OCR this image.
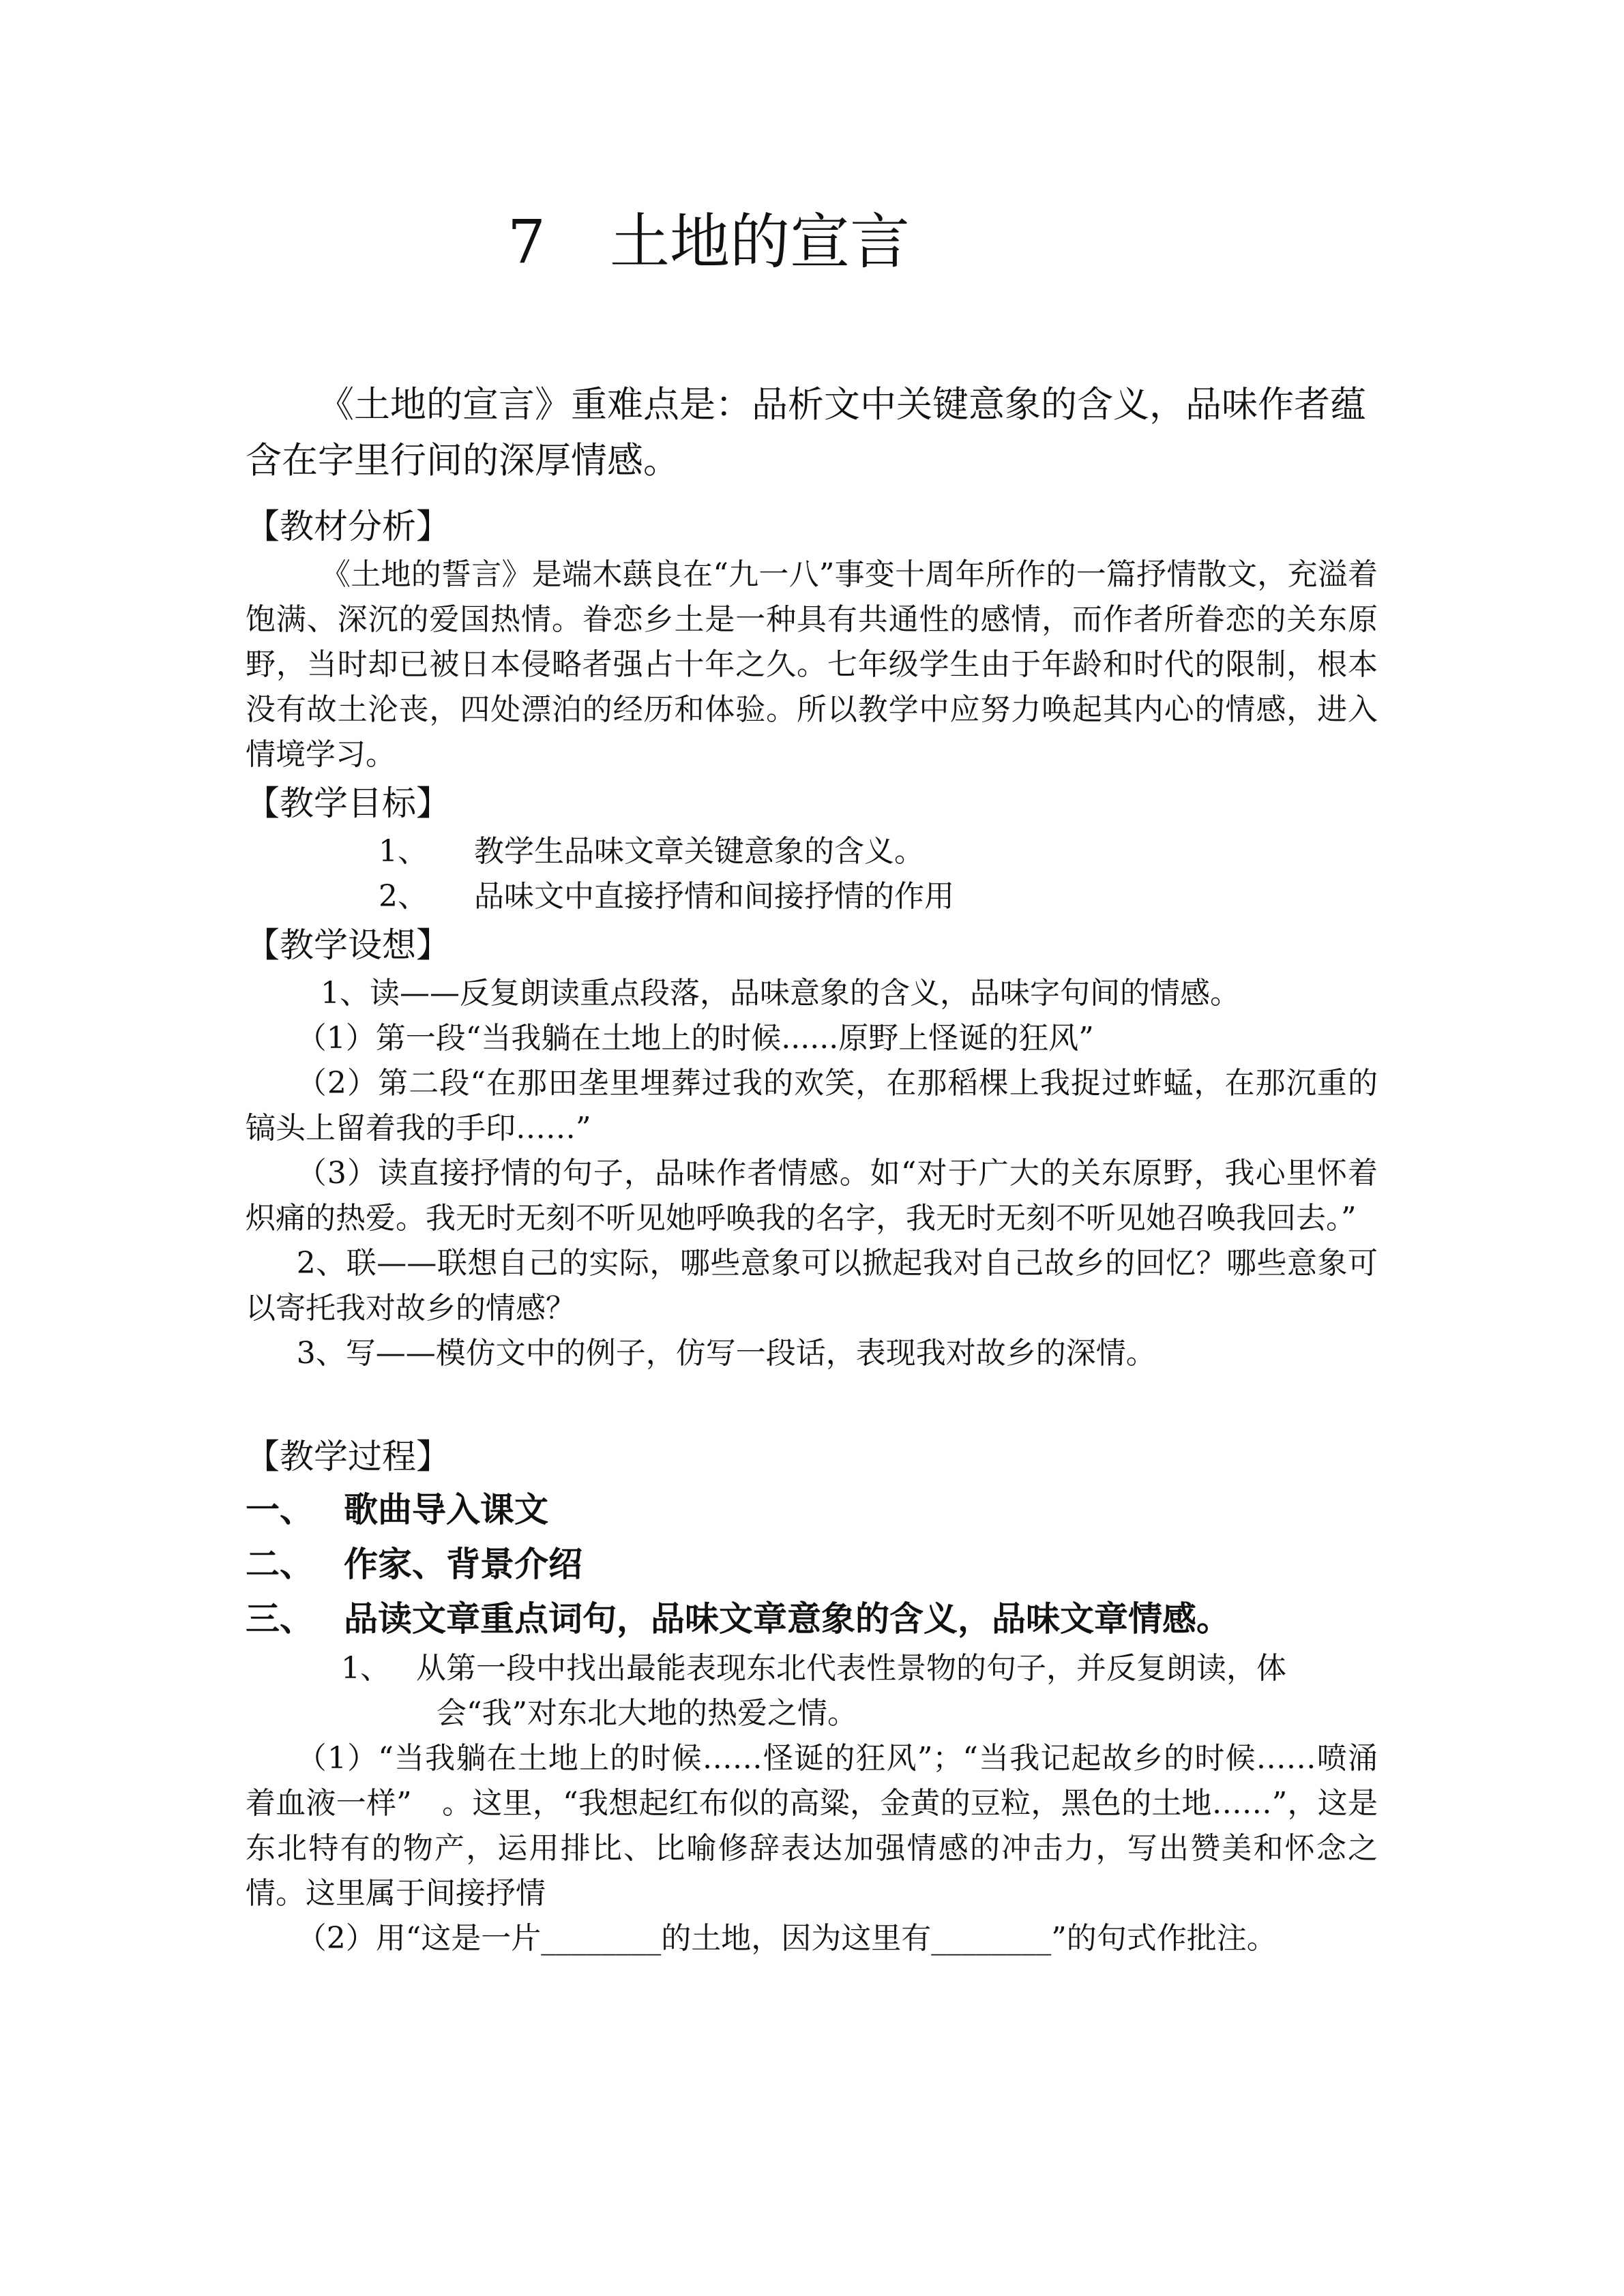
7 土地的宣言

《土地的宣言》重难点是：品析文中关键意象的含义，品味作者蕴含在字里行间的深厚情感。

【教材分析】

《土地的誓言》是端木蕻良在“九一八”事变十周年所作的一篇抒情散文，充溢着饱满、深沉的爱国热情。眷恋乡土是一种具有共通性的感情，而作者所眷恋的关东原野，当时却已被日本侵略者强占十年之久。七年级学生由于年龄和时代的限制，根本没有故土沦丧，四处漂泊的经历和体验。所以教学中应努力唤起其内心的情感，进入情境学习。

【教学目标】

1、 教学生品味文章关键意象的含义。

2、 品味文中直接抒情和间接抒情的作用

【教学设想】

1、读——反复朗读重点段落，品味意象的含义，品味字句间的情感。

（1）第一段“当我躺在土地上的时候......原野上怪诞的狂风”

（2）第二段“在那田垄里埋葬过我的欢笑，在那稻棵上我捉过蚱蜢，在那沉重的镐头上留着我的手印……”

（3）读直接抒情的句子，品味作者情感。如“对于广大的关东原野，我心里怀着炽痛的热爱。我无时无刻不听见她呼唤我的名字，我无时无刻不听见她召唤我回去。”

2、联——联想自己的实际，哪些意象可以掀起我对自己故乡的回忆？哪些意象可以寄托我对故乡的情感？

3、写——模仿文中的例子，仿写一段话，表现我对故乡的深情。

【教学过程】

一、 歌曲导入课文

二、 作家、背景介绍

三、 品读文章重点词句，品味文章意象的含义，品味文章情感。

1、 从第一段中找出最能表现东北代表性景物的句子，并反复朗读，体
会“我”对东北大地的热爱之情。

（1）“当我躺在土地上的时候……怪诞的狂风”；“当我记起故乡的时候……喷涌着血液一样”　。这里，“我想起红布似的高粱，金黄的豆粒，黑色的土地……”，这是东北特有的物产，运用排比、比喻修辞表达加强情感的冲击力，写出赞美和怀念之情。这里属于间接抒情

（2）用“这是一片________的土地，因为这里有________”的句式作批注。
